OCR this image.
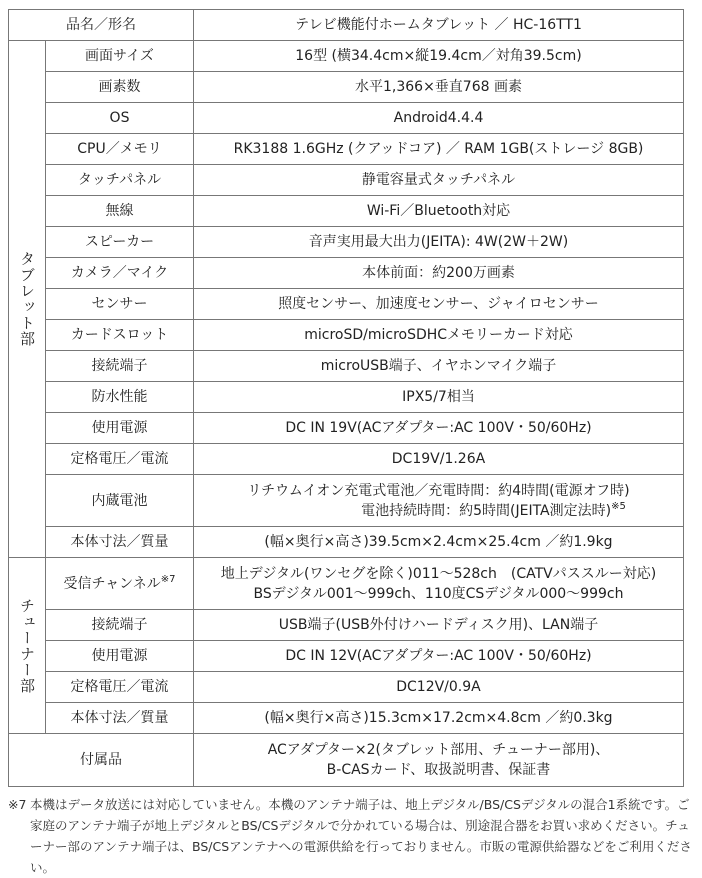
品名／形名		テレビ機能付ホームタブレット ／ HC-16TT1
タブレット部	画面サイズ	16型 (横34.4cm×縦19.4cm／対角39.5cm)
	画素数	水平1,366×垂直768 画素
	OS	Android4.4.4
	CPU／メモリ	RK3188 1.6GHz (クアッドコア) ／ RAM 1GB(ストレージ 8GB)
	タッチパネル	静電容量式タッチパネル
	無線	Wi-Fi／Bluetooth対応
	スピーカー	音声実用最大出力(JEITA): 4W(2W＋2W)
	カメラ／マイク	本体前面：約200万画素
	センサー	照度センサー、加速度センサー、ジャイロセンサー
	カードスロット	microSD/microSDHCメモリーカード対応
	接続端子	microUSB端子、イヤホンマイク端子
	防水性能	IPX5/7相当
	使用電源	DC IN 19V(ACアダプター:AC 100V・50/60Hz)
	定格電圧／電流	DC19V/1.26A
	内蔵電池	リチウムイオン充電式電池／充電時間：約4時間(電源オフ時)
電池持続時間：約5時間(JEITA測定法時)$^{※5}$

	本体寸法／質量	(幅×奥行×高さ)39.5cm×2.4cm×25.4cm ／約1.9kg
チューナー部	受信チャンネル$^{※7}$	地上デジタル(ワンセグを除く)011〜528ch　(CATVパススルー対応)
BSデジタル001〜999ch、110度CSデジタル000〜999ch

	接続端子	USB端子(USB外付けハードディスク用)、LAN端子
	使用電源	DC IN 12V(ACアダプター:AC 100V・50/60Hz)
	定格電圧／電流	DC12V/0.9A
	本体寸法／質量	(幅×奥行×高さ)15.3cm×17.2cm×4.8cm ／約0.3kg
付属品		ACアダプター×2(タブレット部用、チューナー部用)、
B-CASカード、取扱説明書、保証書
※7 本機はデータ放送には対応していません。本機のアンテナ端子は、地上デジタル/BS/CSデジタルの混合1系統です。ご家庭のアンテナ端子が地上デジタルとBS/CSデジタルで分かれている場合は、別途混合器をお買い求めください。チューナー部のアンテナ端子は、BS/CSアンテナへの電源供給を行っておりません。市販の電源供給器などをご利用ください。
